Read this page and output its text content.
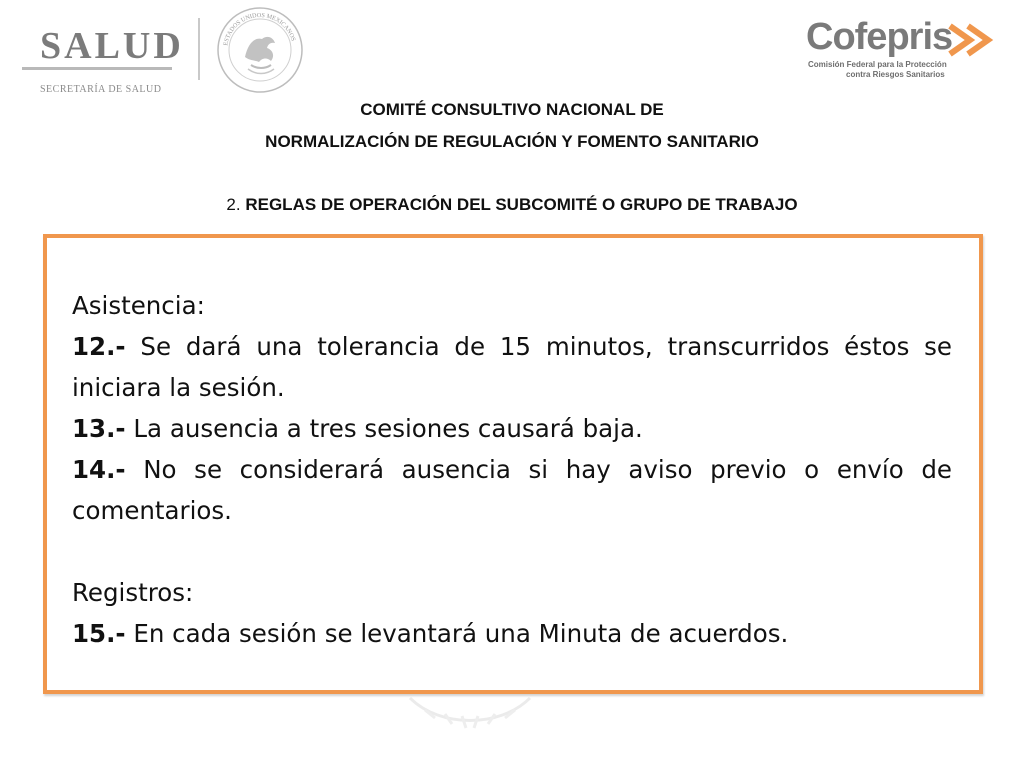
SALUD
SECRETARÍA DE SALUD
ESTADOS UNIDOS MEXICANOS	Cofepris
Comisión Federal para la Protección
contra Riesgos Sanitarios
COMITÉ CONSULTIVO NACIONAL DE
NORMALIZACIÓN DE REGULACIÓN Y FOMENTO SANITARIO
2. REGLAS DE OPERACIÓN DEL SUBCOMITÉ O GRUPO DE TRABAJO

Asistencia:

12.- Se dará una tolerancia de 15 minutos, transcurridos éstos se iniciara la sesión.

13.- La ausencia a tres sesiones causará baja.

14.- No se considerará ausencia si hay aviso previo o envío de comentarios.

Registros:

15.- En cada sesión se levantará una Minuta de acuerdos.
